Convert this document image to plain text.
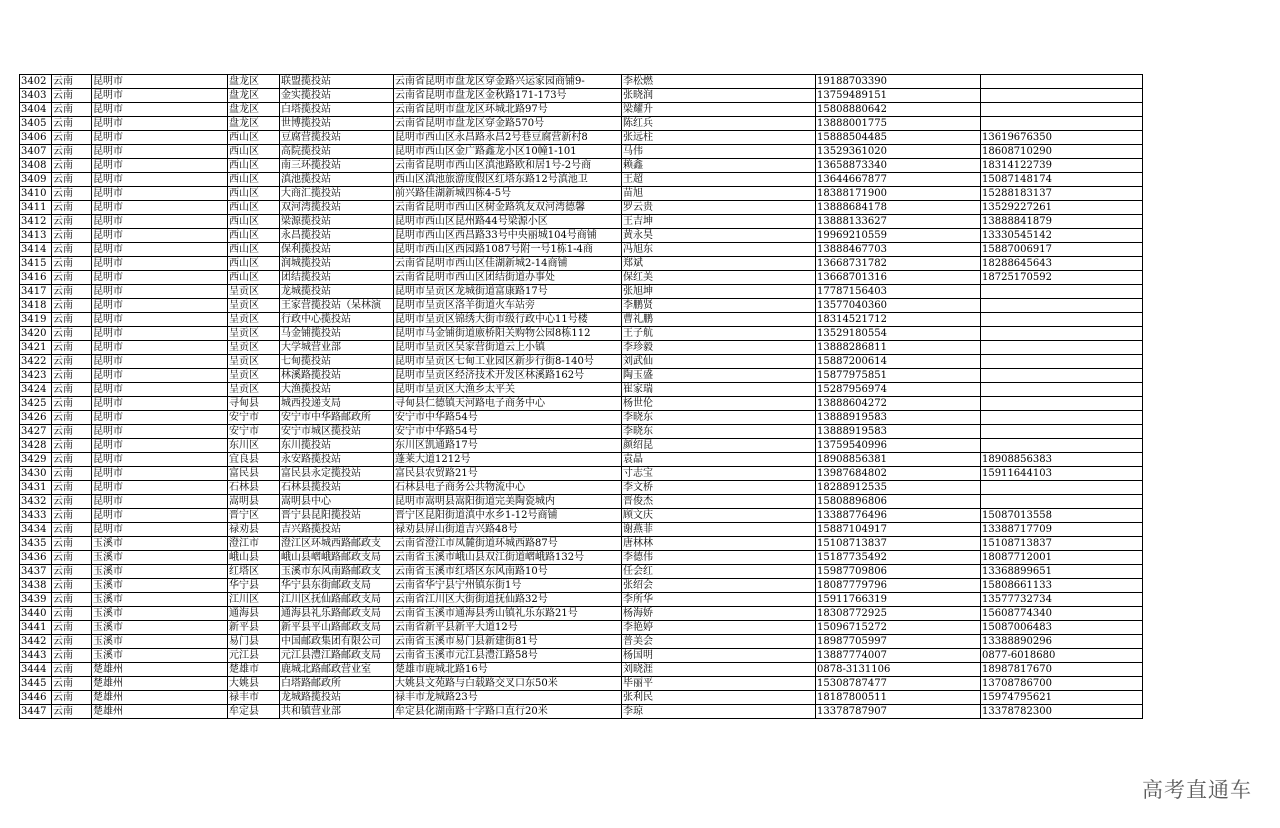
3402	云南	昆明市	盘龙区	联盟揽投站	云南省昆明市盘龙区穿金路兴运家园商铺9-	李松燃	19188703390	
3403	云南	昆明市	盘龙区	金实揽投站	云南省昆明市盘龙区金秋路171-173号	张晓润	13759489151	
3404	云南	昆明市	盘龙区	白塔揽投站	云南省昆明市盘龙区环城北路97号	梁耀升	15808880642	
3405	云南	昆明市	盘龙区	世博揽投站	云南省昆明市盘龙区穿金路570号	陈红兵	13888001775	
3406	云南	昆明市	西山区	豆腐营揽投站	昆明市西山区永昌路永昌2号巷豆腐营新村8	张远柱	15888504485	13619676350
3407	云南	昆明市	西山区	高院揽投站	昆明市西山区金广路鑫龙小区10幢1-101	马伟	13529361020	18608710290
3408	云南	昆明市	西山区	南三环揽投站	云南省昆明市西山区滇池路欧和居1号-2号商	赖鑫	13658873340	18314122739
3409	云南	昆明市	西山区	滇池揽投站	西山区滇池旅游度假区红塔东路12号滇池卫	王超	13644667877	15087148174
3410	云南	昆明市	西山区	大商汇揽投站	前兴路佳湖新城四栋4-5号	苗旭	18388171900	15288183137
3411	云南	昆明市	西山区	双河湾揽投站	云南省昆明市西山区树金路筑友双河湾德馨	罗云贵	13888684178	13529227261
3412	云南	昆明市	西山区	梁源揽投站	昆明市西山区昆州路44号梁源小区	王吉坤	13888133627	13888841879
3413	云南	昆明市	西山区	永昌揽投站	昆明市西山区西昌路33号中央丽城104号商铺	黄永昊	19969210559	13330545142
3414	云南	昆明市	西山区	保利揽投站	昆明市西山区西园路1087号附一号1栋1-4商	冯旭东	13888467703	15887006917
3415	云南	昆明市	西山区	润城揽投站	云南省昆明市西山区佳湖新城2-14商铺	郑斌	13668731782	18288645643
3416	云南	昆明市	西山区	团结揽投站	云南省昆明市西山区团结街道办事处	保红美	13668701316	18725170592
3417	云南	昆明市	呈贡区	龙城揽投站	昆明市呈贡区龙城街道富康路17号	张旭坤	17787156403	
3418	云南	昆明市	呈贡区	王家营揽投站（呆林演	昆明市呈贡区洛羊街道火车站旁	李鹏贤	13577040360	
3419	云南	昆明市	呈贡区	行政中心揽投站	昆明市呈贡区锦绣大街市级行政中心11号楼	曹礼鹏	18314521712	
3420	云南	昆明市	呈贡区	马金铺揽投站	昆明市马金铺街道廒桥阳关购物公园8栋112	王子航	13529180554	
3421	云南	昆明市	呈贡区	大学城营业部	昆明市呈贡区吴家营街道云上小镇	李珍毅	13888286811	
3422	云南	昆明市	呈贡区	七甸揽投站	昆明市呈贡区七甸工业园区新步行街8-140号	刘武仙	15887200614	
3423	云南	昆明市	呈贡区	林溪路揽投站	昆明市呈贡区经济技术开发区林溪路162号	陶玉盛	15877975851	
3424	云南	昆明市	呈贡区	大渔揽投站	昆明市呈贡区大渔乡太平关	崔家瑞	15287956974	
3425	云南	昆明市	寻甸县	城西投递支局	寻甸县仁德镇天河路电子商务中心	杨世伦	13888604272	
3426	云南	昆明市	安宁市	安宁市中华路邮政所	安宁市中华路54号	李晓东	13888919583	
3427	云南	昆明市	安宁市	安宁市城区揽投站	安宁市中华路54号	李晓东	13888919583	
3428	云南	昆明市	东川区	东川揽投站	东川区凯通路17号	颜绍昆	13759540996	
3429	云南	昆明市	宜良县	永安路揽投站	蓬莱大道1212号	袁晶	18908856381	18908856383
3430	云南	昆明市	富民县	富民县永定揽投站	富民县农贸路21号	寸志宝	13987684802	15911644103
3431	云南	昆明市	石林县	石林县揽投站	石林县电子商务公共物流中心	李文桥	18288912535	
3432	云南	昆明市	嵩明县	嵩明县中心	昆明市嵩明县嵩阳街道完美陶瓷城内	晋俊杰	15808896806	
3433	云南	昆明市	晋宁区	晋宁县昆阳揽投站	晋宁区昆阳街道滇中水乡1-12号商铺	顾文庆	13388776496	15087013558
3434	云南	昆明市	禄劝县	吉兴路揽投站	禄劝县屏山街道吉兴路48号	谢燕菲	15887104917	13388717709
3435	云南	玉溪市	澄江市	澄江区环城西路邮政支	云南省澄江市凤麓街道环城西路87号	唐林林	15108713837	15108713837
3436	云南	玉溪市	峨山县	峨山县嶍峨路邮政支局	云南省玉溪市峨山县双江街道嶍峨路132号	李德伟	15187735492	18087712001
3437	云南	玉溪市	红塔区	玉溪市东风南路邮政支	云南省玉溪市红塔区东风南路10号	任会红	15987709806	13368899651
3438	云南	玉溪市	华宁县	华宁县东街邮政支局	云南省华宁县宁州镇东街1号	张绍会	18087779796	15808661133
3439	云南	玉溪市	江川区	江川区抚仙路邮政支局	云南省江川区大街街道抚仙路32号	李所华	15911766319	13577732734
3440	云南	玉溪市	通海县	通海县礼乐路邮政支局	云南省玉溪市通海县秀山镇礼乐东路21号	杨海娇	18308772925	15608774340
3441	云南	玉溪市	新平县	新平县平山路邮政支局	云南省新平县新平大道12号	李艳婷	15096715272	15087006483
3442	云南	玉溪市	易门县	中国邮政集团有限公司	云南省玉溪市易门县新建街81号	普美会	18987705997	13388890296
3443	云南	玉溪市	元江县	元江县澧江路邮政支局	云南省玉溪市元江县澧江路58号	杨国明	13887774007	0877-6018680
3444	云南	楚雄州	楚雄市	鹿城北路邮政营业室	楚雄市鹿城北路16号	刘晓涯	0878-3131106	18987817670
3445	云南	楚雄州	大姚县	白塔路邮政所	大姚县文苑路与白载路交叉口东50米	毕丽平	15308787477	13708786700
3446	云南	楚雄州	禄丰市	龙城路揽投站	禄丰市龙城路23号	张利民	18187800511	15974795621
3447	云南	楚雄州	牟定县	共和镇营业部	牟定县化湖南路十字路口直行20米	李琼	13378787907	13378782300
高考直通车
